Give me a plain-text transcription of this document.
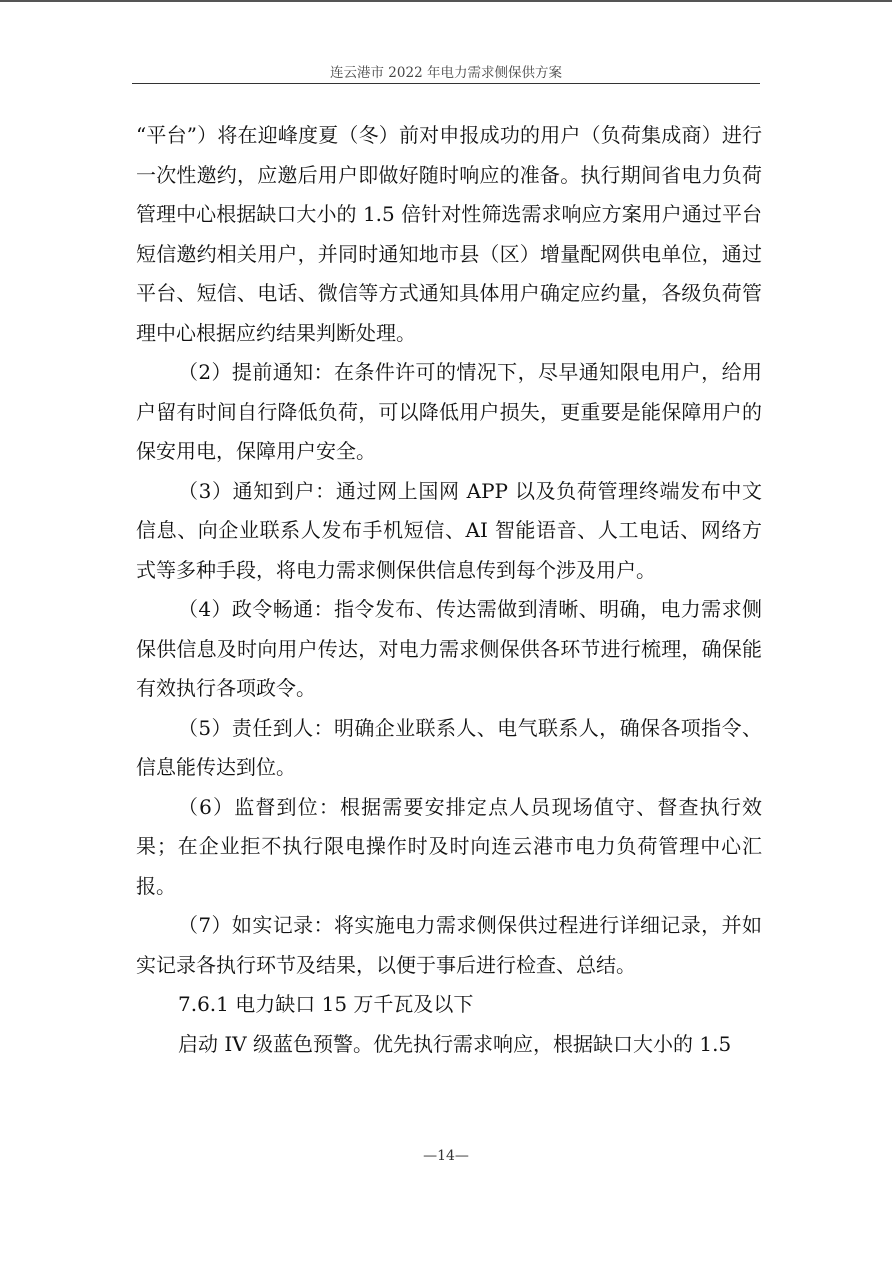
连云港市 2022 年电力需求侧保供方案

“平台”）将在迎峰度夏（冬）前对申报成功的用户（负荷集成商）进行一次性邀约，应邀后用户即做好随时响应的准备。执行期间省电力负荷管理中心根据缺口大小的 1.5 倍针对性筛选需求响应方案用户通过平台短信邀约相关用户，并同时通知地市县（区）增量配网供电单位，通过平台、短信、电话、微信等方式通知具体用户确定应约量，各级负荷管理中心根据应约结果判断处理。

（2）提前通知：在条件许可的情况下，尽早通知限电用户，给用户留有时间自行降低负荷，可以降低用户损失，更重要是能保障用户的保安用电，保障用户安全。

（3）通知到户：通过网上国网 APP 以及负荷管理终端发布中文信息、向企业联系人发布手机短信、AI 智能语音、人工电话、网络方式等多种手段，将电力需求侧保供信息传到每个涉及用户。

（4）政令畅通：指令发布、传达需做到清晰、明确，电力需求侧保供信息及时向用户传达，对电力需求侧保供各环节进行梳理，确保能有效执行各项政令。

（5）责任到人：明确企业联系人、电气联系人，确保各项指令、信息能传达到位。

（6）监督到位：根据需要安排定点人员现场值守、督查执行效果；在企业拒不执行限电操作时及时向连云港市电力负荷管理中心汇报。

（7）如实记录：将实施电力需求侧保供过程进行详细记录，并如实记录各执行环节及结果，以便于事后进行检查、总结。

7.6.1 电力缺口 15 万千瓦及以下

启动 IV 级蓝色预警。优先执行需求响应，根据缺口大小的 1.5

—14—
